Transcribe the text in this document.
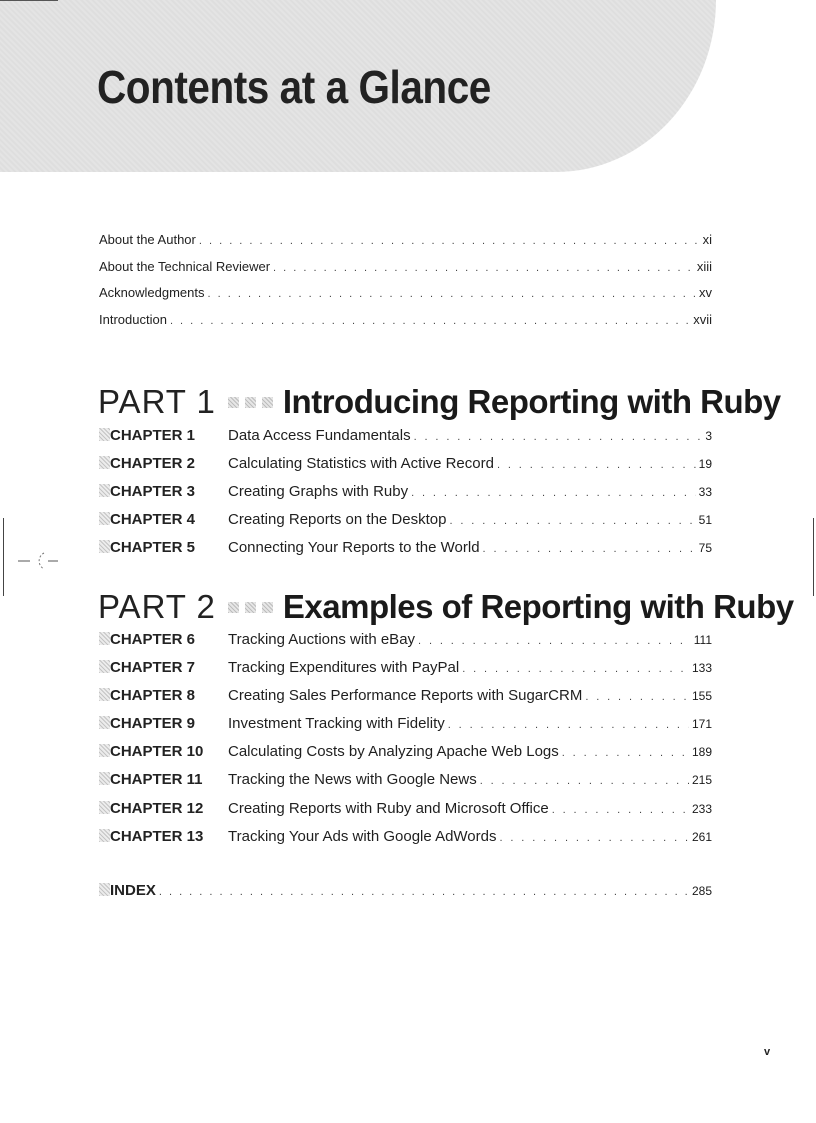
Contents at a Glance
About the Author . . .	xi
About the Technical Reviewer . . .	xiii
Acknowledgments . . .	xv
Introduction . . .	xvii
PART 1 Introducing Reporting with Ruby
CHAPTER 1	Data Access Fundamentals . . .	3
CHAPTER 2	Calculating Statistics with Active Record . . .	19
CHAPTER 3	Creating Graphs with Ruby . . .	33
CHAPTER 4	Creating Reports on the Desktop . . .	51
CHAPTER 5	Connecting Your Reports to the World . . .	75
PART 2 Examples of Reporting with Ruby
CHAPTER 6	Tracking Auctions with eBay . . .	111
CHAPTER 7	Tracking Expenditures with PayPal . . .	133
CHAPTER 8	Creating Sales Performance Reports with SugarCRM . . .	155
CHAPTER 9	Investment Tracking with Fidelity . . .	171
CHAPTER 10	Calculating Costs by Analyzing Apache Web Logs . . .	189
CHAPTER 11	Tracking the News with Google News . . .	215
CHAPTER 12	Creating Reports with Ruby and Microsoft Office . . .	233
CHAPTER 13	Tracking Your Ads with Google AdWords . . .	261
INDEX . . .	285
v
